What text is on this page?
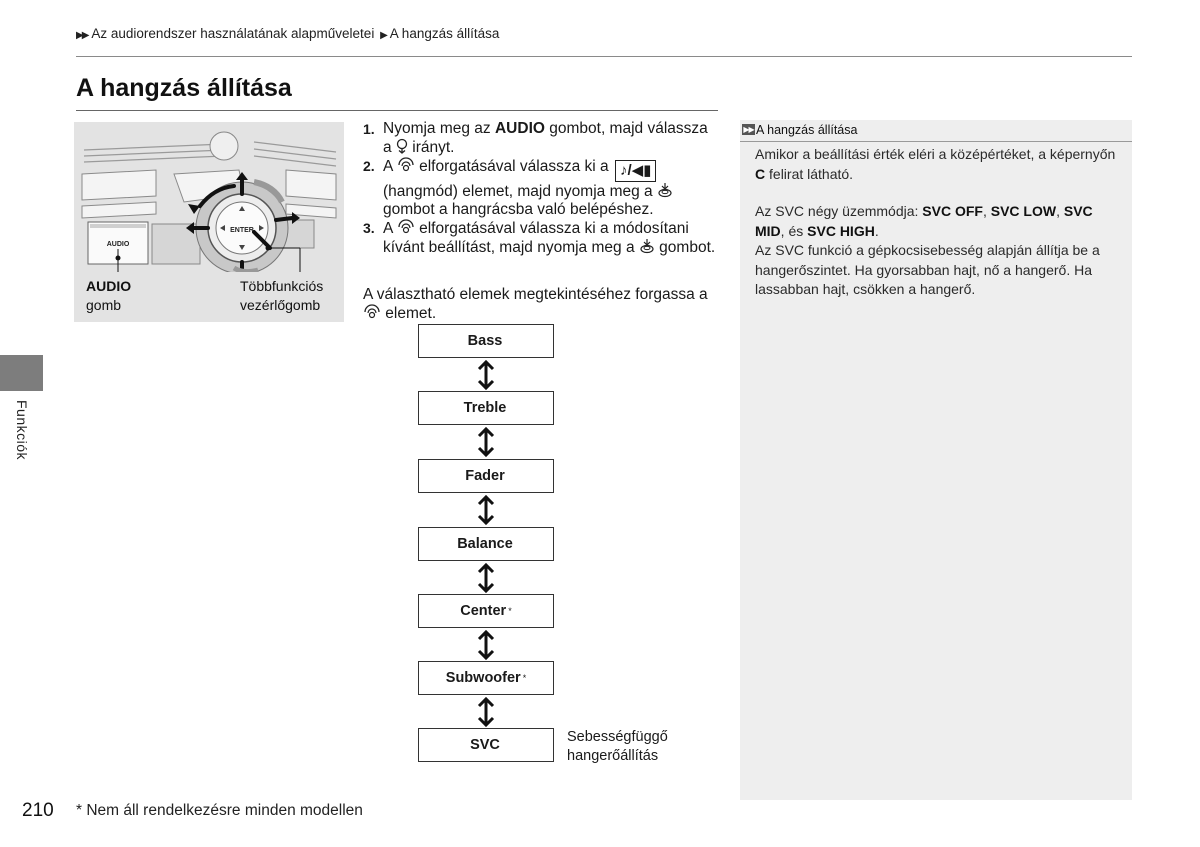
▶▶ Az audiorendszer használatának alapműveletei ▶ A hangzás állítása
A hangzás állítása
AUDIO
ENTER
AUDIO
gomb
Többfunkciós
vezérlőgomb
Funkciók
1. Nyomja meg az AUDIO gombot, majd válassza a  irányt.
2. A  elforgatásával válassza ki a ♪/◀▮ (hangmód) elemet, majd nyomja meg a  gombot a hangrácsba való belépéshez.
3. A  elforgatásával válassza ki a módosítani kívánt beállítást, majd nyomja meg a  gombot.
A választható elemek megtekintéséhez forgassa a  elemet.
Bass
Treble
Fader
Balance
Center *
Subwoofer *
SVC	Sebességfüggő
hangerőállítás
▶▶ A hangzás állítása

Amikor a beállítási érték eléri a középértéket, a képernyőn C felirat látható.

Az SVC négy üzemmódja: SVC OFF, SVC LOW, SVC MID, és SVC HIGH.

Az SVC funkció a gépkocsisebesség alapján állítja be a hangerőszintet. Ha gyorsabban hajt, nő a hangerő. Ha lassabban hajt, csökken a hangerő.

210 * Nem áll rendelkezésre minden modellen
